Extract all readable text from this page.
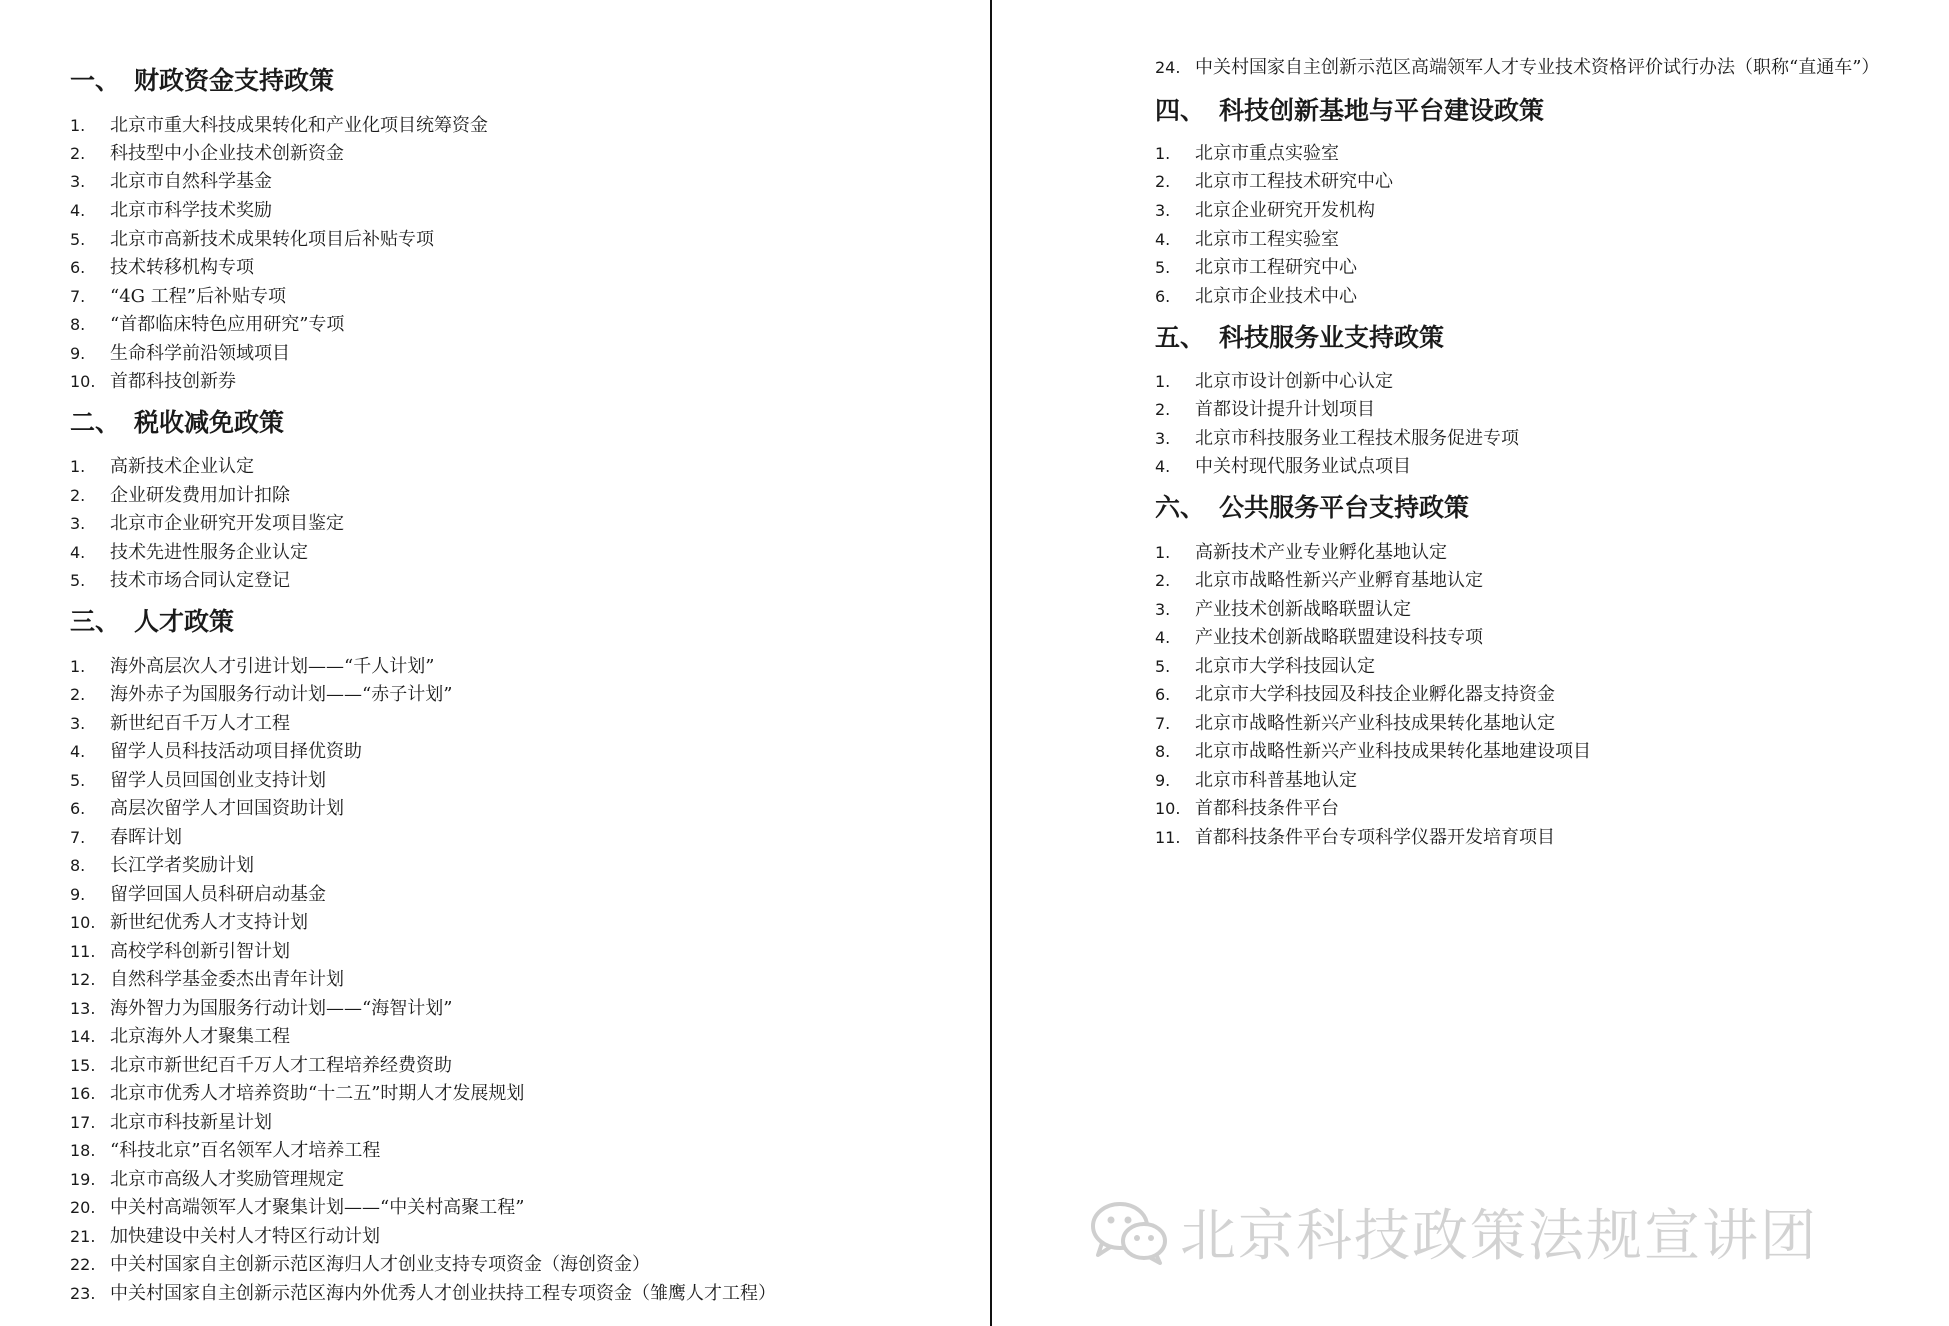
一、 财政资金支持政策
1. 北京市重大科技成果转化和产业化项目统筹资金
2. 科技型中小企业技术创新资金
3. 北京市自然科学基金
4. 北京市科学技术奖励
5. 北京市高新技术成果转化项目后补贴专项
6. 技术转移机构专项
7. “4G 工程”后补贴专项
8. “首都临床特色应用研究”专项
9. 生命科学前沿领域项目
10. 首都科技创新券
二、 税收减免政策
1. 高新技术企业认定
2. 企业研发费用加计扣除
3. 北京市企业研究开发项目鉴定
4. 技术先进性服务企业认定
5. 技术市场合同认定登记
三、 人才政策
1. 海外高层次人才引进计划——“千人计划”
2. 海外赤子为国服务行动计划——“赤子计划”
3. 新世纪百千万人才工程
4. 留学人员科技活动项目择优资助
5. 留学人员回国创业支持计划
6. 高层次留学人才回国资助计划
7. 春晖计划
8. 长江学者奖励计划
9. 留学回国人员科研启动基金
10. 新世纪优秀人才支持计划
11. 高校学科创新引智计划
12. 自然科学基金委杰出青年计划
13. 海外智力为国服务行动计划——“海智计划”
14. 北京海外人才聚集工程
15. 北京市新世纪百千万人才工程培养经费资助
16. 北京市优秀人才培养资助“十二五”时期人才发展规划
17. 北京市科技新星计划
18. “科技北京”百名领军人才培养工程
19. 北京市高级人才奖励管理规定
20. 中关村高端领军人才聚集计划——“中关村高聚工程”
21. 加快建设中关村人才特区行动计划
22. 中关村国家自主创新示范区海归人才创业支持专项资金（海创资金）
23. 中关村国家自主创新示范区海内外优秀人才创业扶持工程专项资金（雏鹰人才工程）
24. 中关村国家自主创新示范区高端领军人才专业技术资格评价试行办法（职称“直通车”）
四、 科技创新基地与平台建设政策
1. 北京市重点实验室
2. 北京市工程技术研究中心
3. 北京企业研究开发机构
4. 北京市工程实验室
5. 北京市工程研究中心
6. 北京市企业技术中心
五、 科技服务业支持政策
1. 北京市设计创新中心认定
2. 首都设计提升计划项目
3. 北京市科技服务业工程技术服务促进专项
4. 中关村现代服务业试点项目
六、 公共服务平台支持政策
1. 高新技术产业专业孵化基地认定
2. 北京市战略性新兴产业孵育基地认定
3. 产业技术创新战略联盟认定
4. 产业技术创新战略联盟建设科技专项
5. 北京市大学科技园认定
6. 北京市大学科技园及科技企业孵化器支持资金
7. 北京市战略性新兴产业科技成果转化基地认定
8. 北京市战略性新兴产业科技成果转化基地建设项目
9. 北京市科普基地认定
10. 首都科技条件平台
11. 首都科技条件平台专项科学仪器开发培育项目
北京科技政策法规宣讲团
